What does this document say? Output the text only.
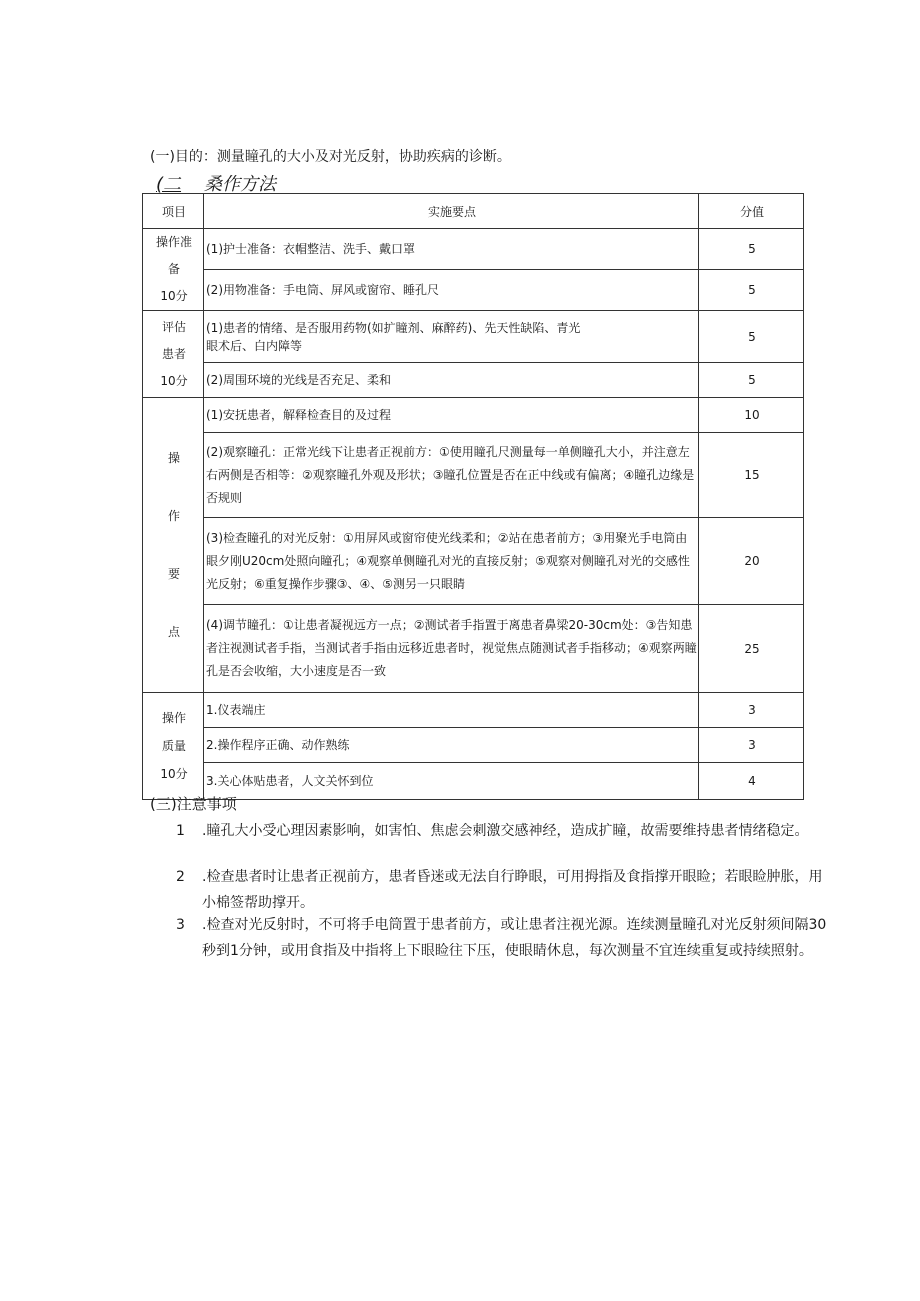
(一)目的：测量瞳孔的大小及对光反射，协助疾病的诊断。
(二 桑作方法
项目	实施要点	分值

操作准
备
10分	(1)护士准备：衣帽整洁、洗手、戴口罩	5
	(2)用物准备：手电筒、屏风或窗帘、睡孔尺	5

评估
患者
10分	(1)患者的情绪、是否服用药物(如扩瞳剂、麻醉药)、先天性缺陷、青光
眼术后、白内障等	5
	(2)周围环境的光线是否充足、柔和	5

操
作
要
点	(1)安抚患者，解释检查目的及过程	10
	(2)观察瞳孔：正常光线下让患者正视前方：①使用瞳孔尺测量每一单侧瞳孔大小，并注意左右两侧是否相等：②观察瞳孔外观及形状；③瞳孔位置是否在正中线或有偏离；④瞳孔边缘是否规则	15
	(3)检查瞳孔的对光反射：①用屏风或窗帘使光线柔和；②站在患者前方；③用聚光手电筒由眼夕刚U20cm处照向瞳孔；④观察单侧瞳孔对光的直接反射；⑤观察对侧瞳孔对光的交感性光反射；⑥重复操作步骤③、④、⑤测另一只眼睛	20
	(4)调节瞳孔：①让患者凝视远方一点；②测试者手指置于离患者鼻梁20-30cm处：③告知患者注视测试者手指，当测试者手指由远移近患者时，视觉焦点随测试者手指移动；④观察两瞳孔是否会收缩，大小速度是否一致	25

操作
质量
10分	1.仪表端庄	3
	2.操作程序正确、动作熟练	3
	3.关心体贴患者，人文关怀到位	4
(三)注意事项
1 .瞳孔大小受心理因素影响，如害怕、焦虑会刺激交感神经，造成扩瞳，故需要维持患者情绪稳定。
2 .检查患者时让患者正视前方，患者昏迷或无法自行睁眼，可用拇指及食指撑开眼睑；若眼睑肿胀，用小棉签帮助撑开。
3 .检查对光反射时，不可将手电筒置于患者前方，或让患者注视光源。连续测量瞳孔对光反射须间隔30秒到1分钟，或用食指及中指将上下眼睑往下压，使眼睛休息，每次测量不宜连续重复或持续照射。
